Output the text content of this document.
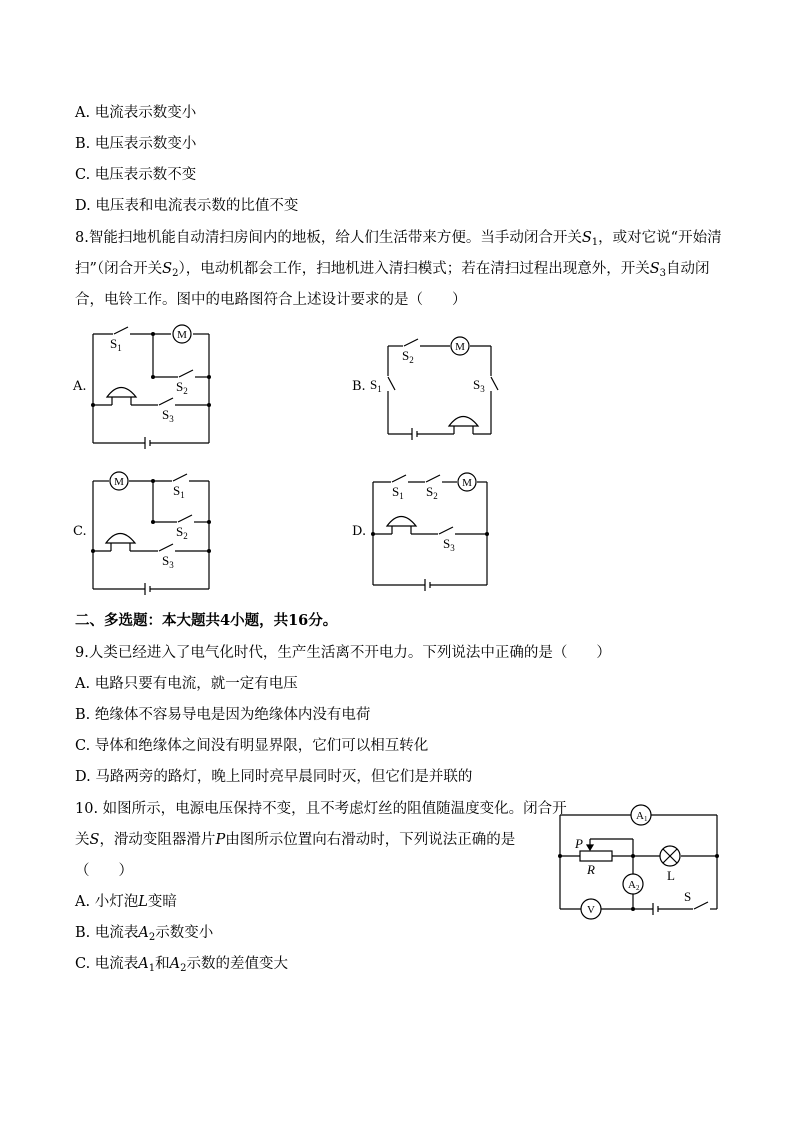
A. 电流表示数变小
B. 电压表示数变小
C. 电压表示数不变
D. 电压表和电流表示数的比值不变
8.智能扫地机能自动清扫房间内的地板，给人们生活带来方便。当手动闭合开关$S_1$，或对它说“开始清
扫”（闭合开关$S_2$），电动机都会工作，扫地机进入清扫模式；若在清扫过程出现意外，开关$S_3$自动闭
合，电铃工作。图中的电路图符合上述设计要求的是（　　）
A.	B.
C.	D.
M
$S_1$
$S_2$
$S_3$
M
$S_2$
$S_1$	$S_3$
M
$S_1$
$S_2$
$S_3$
M
$S_1$ $S_2$
$S_3$
二、多选题：本大题共4小题，共16分。
9.人类已经进入了电气化时代，生产生活离不开电力。下列说法中正确的是（　　）
A. 电路只要有电流，就一定有电压
B. 绝缘体不容易导电是因为绝缘体内没有电荷
C. 导体和绝缘体之间没有明显界限，它们可以相互转化
D. 马路两旁的路灯，晚上同时亮早晨同时灭，但它们是并联的
10. 如图所示，电源电压保持不变，且不考虑灯丝的阻值随温度变化。闭合开
关S，滑动变阻器滑片P由图所示位置向右滑动时，下列说法正确的是
（　　）
A. 小灯泡L变暗
B. 电流表$A_2$示数变小
C. 电流表$A_1$和$A_2$示数的差值变大
A1
A2
V
P
R	L
S
